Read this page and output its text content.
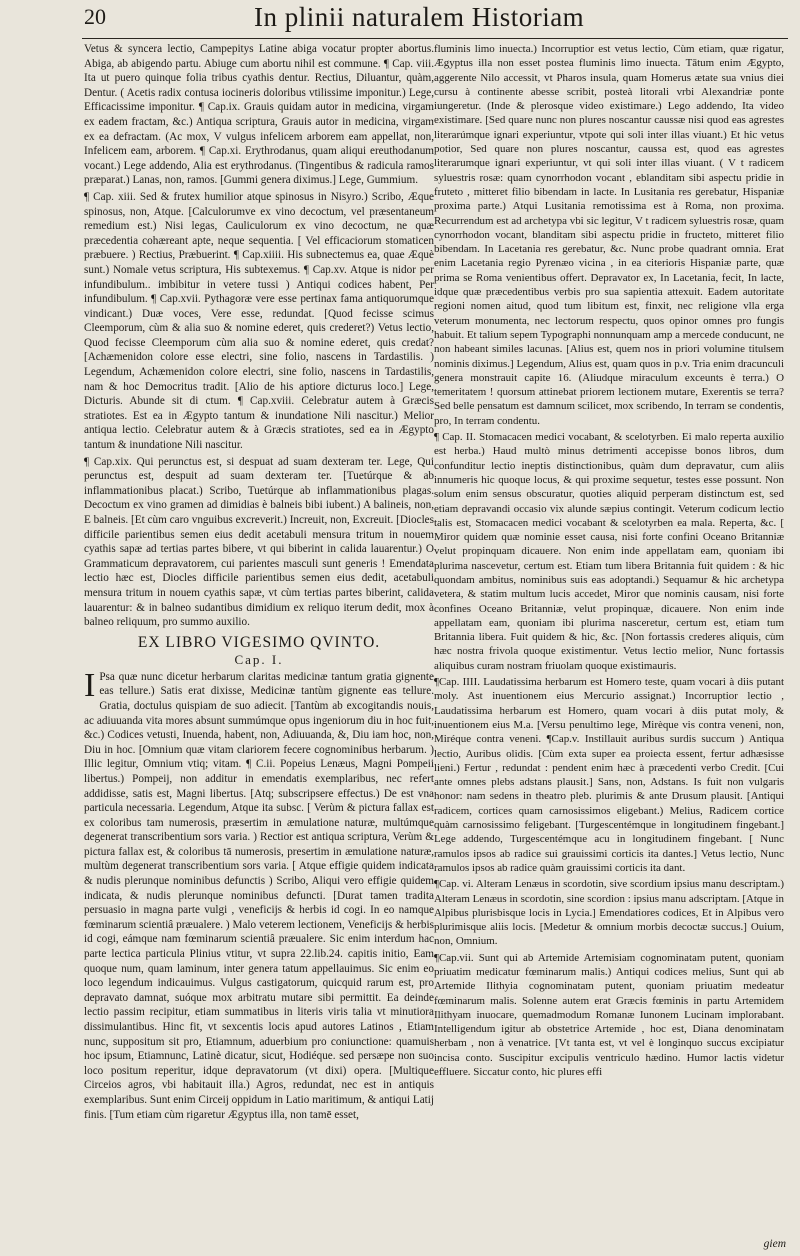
20	In plinii naturalem Historiam

Vetus & syncera lectio, Campepitys Latine abiga vocatur propter abortus. Abiga, ab abigendo partu. Abiuge cum abortu nihil est commune. ¶ Cap. viii. Ita ut puero quinque folia tribus cyathis dentur. Rectius, Diluantur, quàm, Dentur. ( Acetis radix contusa iocineris doloribus vtilissime imponitur.) Lege, Efficacissime imponitur. ¶ Cap.ix. Grauis quidam autor in medicina, virgam ex eadem fractam, &c.) Antiqua scriptura, Grauis autor in medicina, virgam ex ea defractam. (Ac mox, V vulgus infelicem arborem eam appellat, non, Infelicem eam, arborem. ¶ Cap.xi. Erythrodanus, quam aliqui ereuthodanum vocant.) Lege addendo, Alia est erythrodanus. (Tingentibus & radicula ramos præparat.) Lanas, non, ramos. [Gummi genera diximus.] Lege, Gummium.

¶ Cap. xiii. Sed & frutex humilior atque spinosus in Nisyro.) Scribo, Æque spinosus, non, Atque. [Calculorumve ex vino decoctum, vel præsentaneum remedium est.) Nisi legas, Cauliculorum ex vino decoctum, ne quæ præcedentia cohæreant apte, neque sequentia. [ Vel efficaciorum stomaticen præbuere. ) Rectius, Præbuerint. ¶ Cap.xiiii. His subnectemus ea, quae Æquè sunt.) Nomale vetus scriptura, His subtexemus. ¶ Cap.xv. Atque is nidor per infundibulum.. imbibitur in vetere tussi ) Antiqui codices habent, Per infundibulum. ¶ Cap.xvii. Pythagoræ vere esse pertinax fama antiquorumque vindicant.) Duæ voces, Vere esse, redundat. [Quod fecisse scimus Cleemporum, cùm & alia suo & nomine ederet, quis crederet?) Vetus lectio, Quod fecisse Cleemporum cùm alia suo & nomine ederet, quis credat? [Achæmenidon colore esse electri, sine folio, nascens in Tardastilis. ) Legendum, Achæmenidon colore electri, sine folio, nascens in Tardastilis, nam & hoc Democritus tradit. [Alio de his aptiore dicturus loco.] Lege, Dicturis. Abunde sit di ctum. ¶ Cap.xviii. Celebratur autem à Græcis stratiotes. Est ea in Ægypto tantum & inundatione Nili nascitur.) Melior antiqua lectio. Celebratur autem & à Græcis stratiotes, sed ea in Ægypto tantum & inundatione Nili nascitur.

¶ Cap.xix. Qui perunctus est, si despuat ad suam dexteram ter. Lege, Qui perunctus est, despuit ad suam dexteram ter. [Tuetúrque & ab inflammationibus placat.) Scribo, Tuetúrque ab inflammationibus plagas. Decoctum ex vino gramen ad dimidias è balneis bibi iubent.) A balineis, non, E balneis. [Et cùm caro vnguibus excreverit.) Increuit, non, Excreuit. [Diocles difficile parientibus semen eius dedit acetabuli mensura tritum in nouem cyathis sapæ ad tertias partes bibere, vt qui biberint in calida lauarentur.) O Grammaticum depravatorem, cui parientes masculi sunt generis ! Emendata lectio hæc est, Diocles difficile parientibus semen eius dedit, acetabuli mensura tritum in nouem cyathis sapæ, vt cùm tertias partes biberint, calida lauarentur: & in balneo sudantibus dimidium ex reliquo iterum dedit, mox à balneo reliquum, pro summo auxilio.

EX LIBRO VIGESIMO QVINTO.
Cap. I.
I Psa quæ nunc dicetur herbarum claritas medicinæ tantum gratia gignente eas tellure.) Satis erat dixisse, Medicinæ tantùm gignente eas tellure. Gratia, doctulus quispiam de suo adiecit. [Tantùm ab excogitandis nouis, ac adiuuanda vita mores absunt summúmque opus ingeniorum diu in hoc fuit, &c.) Codices vetusti, Inuenda, habent, non, Adiuuanda, &, Diu iam hoc, non, Diu in hoc. [Omnium quæ vitam clariorem fecere cognominibus herbarum. ) Illic legitur, Omnium vtiq; vitam. ¶ C.ii. Popeius Lenæus, Magni Pompeii libertus.) Pompeij, non additur in emendatis exemplaribus, nec refert addidisse, satis est, Magni libertus. [Atq; subscripsere effectus.) De est vna particula necessaria. Legendum, Atque ita subsc. [ Verùm & pictura fallax est ex coloribus tam numerosis, præsertim in æmulatione naturæ, multúmque degenerat transcribentium sors varia. ) Rectior est antiqua scriptura, Verùm & pictura fallax est, & coloribus tā numerosis, presertim in æmulatione naturæ, multùm degenerat transcribentium sors varia. [ Atque effigie quidem indicata & nudis plerunque nominibus defunctis ) Scribo, Aliqui vero effigie quidem indicata, & nudis plerunque nominibus defuncti. [Durat tamen tradita persuasio in magna parte vulgi , veneficijs & herbis id cogi. In eo namque fœminarum scientiâ præualere. ) Malo veterem lectionem, Veneficijs & herbis id cogi, eámque nam fœminarum scientiâ præualere. Sic enim interdum hac parte lectica particula Plinius vtitur, vt supra 22.lib.24. capitis initio, Eam quoque num, quam laminum, inter genera tatum appellauimus. Sic enim eo loco legendum indicauimus. Vulgus castigatorum, quicquid rarum est, pro depravato damnat, suóque mox arbitratu mutare sibi permittit. Ea deinde lectio passim recipitur, etiam summatibus in literis viris talia vt minutiora dissimulantibus. Hinc fit, vt sexcentis locis apud autores Latinos , Etiam nunc, suppositum sit pro, Etiamnum, aduerbium pro coniunctione: quamuis hoc ipsum, Etiamnunc, Latinè dicatur, sicut, Hodiéque. sed persæpe non suo loco positum reperitur, idque depravatorum (vt dixi) opera. [Multique Circeios agros, vbi habitauit illa.) Agros, redundat, nec est in antiquis exemplaribus. Sunt enim Circeij oppidum in Latio maritimum, & antiqui Latij finis. [Tum etiam cùm rigaretur Ægyptus illa, non tamē esset,

fluminis limo inuecta.) Incorruptior est vetus lectio, Cùm etiam, quæ rigatur, Ægyptus illa non esset postea fluminis limo inuecta. Tātum enim Ægypto, aggerente Nilo accessit, vt Pharos insula, quam Homerus ætate sua vnius diei cursu à continente abesse scribit, posteà litorali vrbi Alexandriæ ponte iungeretur. (Inde & plerosque video existimare.) Lego addendo, Ita video existimare. [Sed quare nunc non plures noscantur caussæ nisi quod eas agrestes literarúmque ignari experiuntur, vtpote qui soli inter illas viuant.) Et hic vetus potior, Sed quare non plures noscantur, caussa est, quod eas agrestes literarumque ignari experiuntur, vt qui soli inter illas viuant. ( V t radicem syluestris rosæ: quam cynorrhodon vocant , eblanditam sibi aspectu pridie in fruteto , mitteret filio bibendam in lacte. In Lusitania res gerebatur, Hispaniæ proxima parte.) Atqui Lusitania remotissima est à Roma, non proxima. Recurrendum est ad archetypa vbi sic legitur, V t radicem syluestris rosæ, quam cynorrhodon vocant, blanditam sibi aspectu pridie in fructeto, mitteret filio bibendam. In Lacetania res gerebatur, &c. Nunc probe quadrant omnia. Erat enim Lacetania regio Pyrenæo vicina , in ea citerioris Hispaniæ parte, quæ prima se Roma venientibus offert. Depravator ex, In Lacetania, fecit, In lacte, idque quæ præcedentibus verbis pro sua sapientia attexuit. Eadem autoritate regioni nomen aitud, quod tum libitum est, finxit, nec religione vlla erga veterum monumenta, nec lectorum respectu, quos opinor omnes pro fungis habuit. Et talium sepem Typographi nonnunquam amp a mercede conducunt, ne non habeant similes lacunas. [Alius est, quem nos in priori volumine titulsem nominis diximus.] Legendum, Alius est, quam quos in p.v. Tria enim dracunculi genera monstrauit capite 16. (Aliudque miraculum exceunts è terra.) O temeritatem ! quorsum attinebat priorem lectionem mutare, Exerentis se terra? Sed belle pensatum est damnum scilicet, mox scribendo, In terram se condentis, pro, In terram condentu.

¶ Cap. II. Stomacacen medici vocabant, & scelotyrben. Ei malo reperta auxilio est herba.) Haud multò minus detrimenti accepisse bonos libros, dum confunditur lectio ineptis distinctionibus, quàm dum depravatur, cum aliis innumeris hic quoque locus, & qui proxime sequetur, testes esse possunt. Non solum enim sensus obscuratur, quoties aliquid perperam distinctum est, sed etiam depravandi occasio vix alunde sæpius contingit. Veterum codicum lectio talis est, Stomacacen medici vocabant & scelotyrben ea mala. Reperta, &c. [ Miror quidem quæ nominie esset causa, nisi forte confini Oceano Britanniæ velut propinquam dicauere. Non enim inde appellatam eam, quoniam ibi plurima nascevetur, certum est. Etiam tum libera Britannia fuit quidem : & hic quondam ambitus, nominibus suis eas adoptandi.) Sequamur & hic archetypa vetera, & statim multum lucis accedet, Miror que nominis causam, nisi forte confines Oceano Britanniæ, velut propinquæ, dicauere. Non enim inde appellatam eam, quoniam ibi plurima nasceretur, certum est, etiam tum Britannia libera. Fuit quidem & hic, &c. [Non fortassis crederes aliquis, cùm hæc nostra frivola quoque existimentur. Vetus lectio melior, Nunc fortassis aliquibus curam nostram friuolam quoque existimauris.

¶Cap. IIII. Laudatissima herbarum est Homero teste, quam vocari à diis putant moly. Ast inuentionem eius Mercurio assignat.) Incorruptior lectio , Laudatissima herbarum est Homero, quam vocari à diis putat moly, & inuentionem eius M.a. [Versu penultimo lege, Mirèque vis contra veneni, non, Miréque contra veneni. ¶Cap.v. Instillauit auribus surdis succum ) Antiqua lectio, Auribus olidis. [Cùm exta super ea proiecta essent, fertur adhæsisse lieni.) Fertur , redundat : pendent enim hæc à præcedenti verbo Credit. [Cui ante omnes plebs adstans plausit.] Sans, non, Adstans. Is fuit non vulgaris honor: nam sedens in theatro pleb. plurimis & ante Drusum plausit. [Antiqui radicem, cortices quam carnosissimos eligebant.) Melius, Radicem cortice quàm carnosissimo feligebant. [Turgescentémque in longitudinem fingebant.] Lege addendo, Turgescentémque acu in longitudinem fingebant. [ Nunc ramulos ipsos ab radice sui grauissimi corticis ita dantes.] Vetus lectio, Nunc ramulos ipsos ab radice quàm grauissimi corticis ita dant.

¶Cap. vi. Alteram Lenæus in scordotin, sive scordium ipsius manu descriptam.) Alteram Lenæus in scordotin, sine scordion : ipsius manu adscriptam. [Atque in Alpibus plurisbisque locis in Lycia.] Emendatiores codices, Et in Alpibus vero plurimisque aliis locis. [Medetur & omnium morbis decoctæ succus.] Ouium, non, Omnium.

¶Cap.vii. Sunt qui ab Artemide Artemisiam cognominatam putent, quoniam priuatim medicatur fœminarum malis.) Antiqui codices melius, Sunt qui ab Artemide Ilithyia cognominatam putent, quoniam priuatim medeatur fœminarum malis. Solenne autem erat Græcis fœminis in partu Artemidem Ilithyam inuocare, quemadmodum Romanæ Iunonem Lucinam implorabant. Intelligendum igitur ab obstetrice Artemide , hoc est, Diana denominatam herbam , non à venatrice. [Vt tanta est, vt vel è longinquo succus excipiatur incisa conto. Suscipitur excipulis ventriculo hædino. Humor lactis videtur effluere. Siccatur conto, hic plures effi

giem
